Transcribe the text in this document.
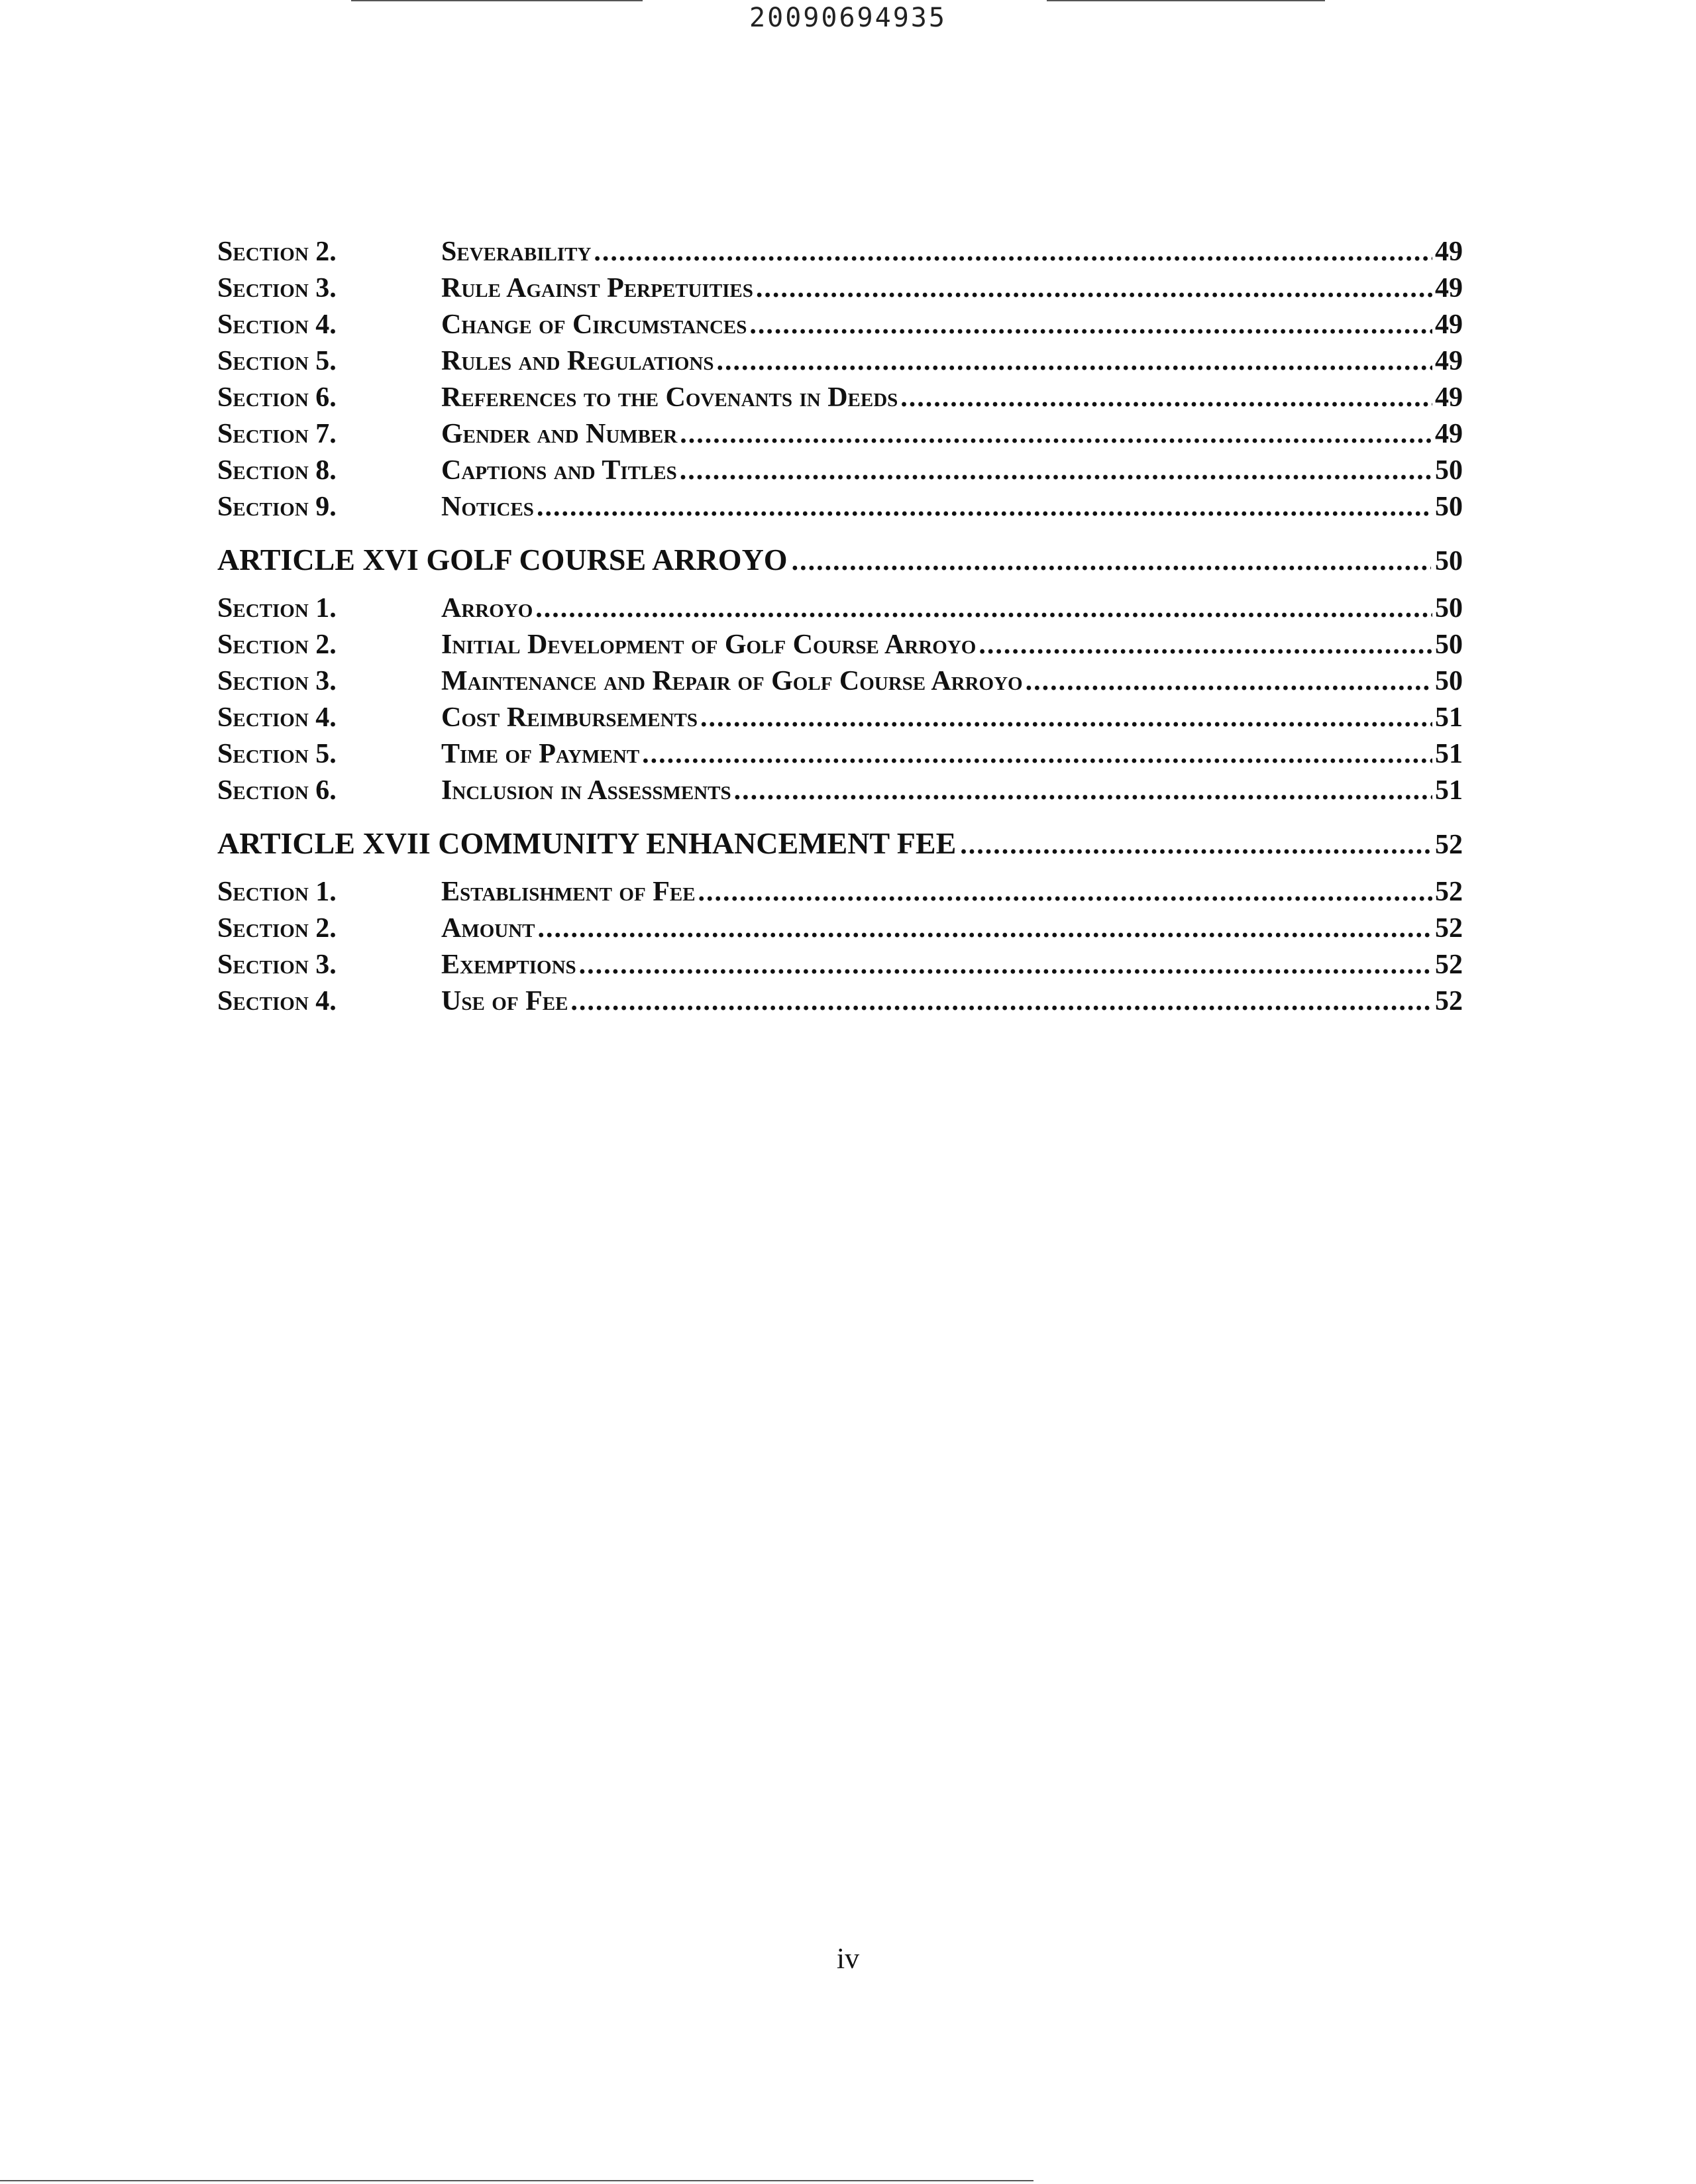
20090694935
Section 2.	Severability .....	49
Section 3.	Rule Against Perpetuities .....	49
Section 4.	Change of Circumstances .....	49
Section 5.	Rules and Regulations .....	49
Section 6.	References to the Covenants in Deeds .....	49
Section 7.	Gender and Number .....	49
Section 8.	Captions and Titles .....	50
Section 9.	Notices .....	50
ARTICLE XVI GOLF COURSE ARROYO .....	50
Section 1.	Arroyo .....	50
Section 2.	Initial Development of Golf Course Arroyo .....	50
Section 3.	Maintenance and Repair of Golf Course Arroyo .....	50
Section 4.	Cost Reimbursements .....	51
Section 5.	Time of Payment .....	51
Section 6.	Inclusion in Assessments .....	51
ARTICLE XVII COMMUNITY ENHANCEMENT FEE .....	52
Section 1.	Establishment of Fee .....	52
Section 2.	Amount .....	52
Section 3.	Exemptions .....	52
Section 4.	Use of Fee .....	52
iv
